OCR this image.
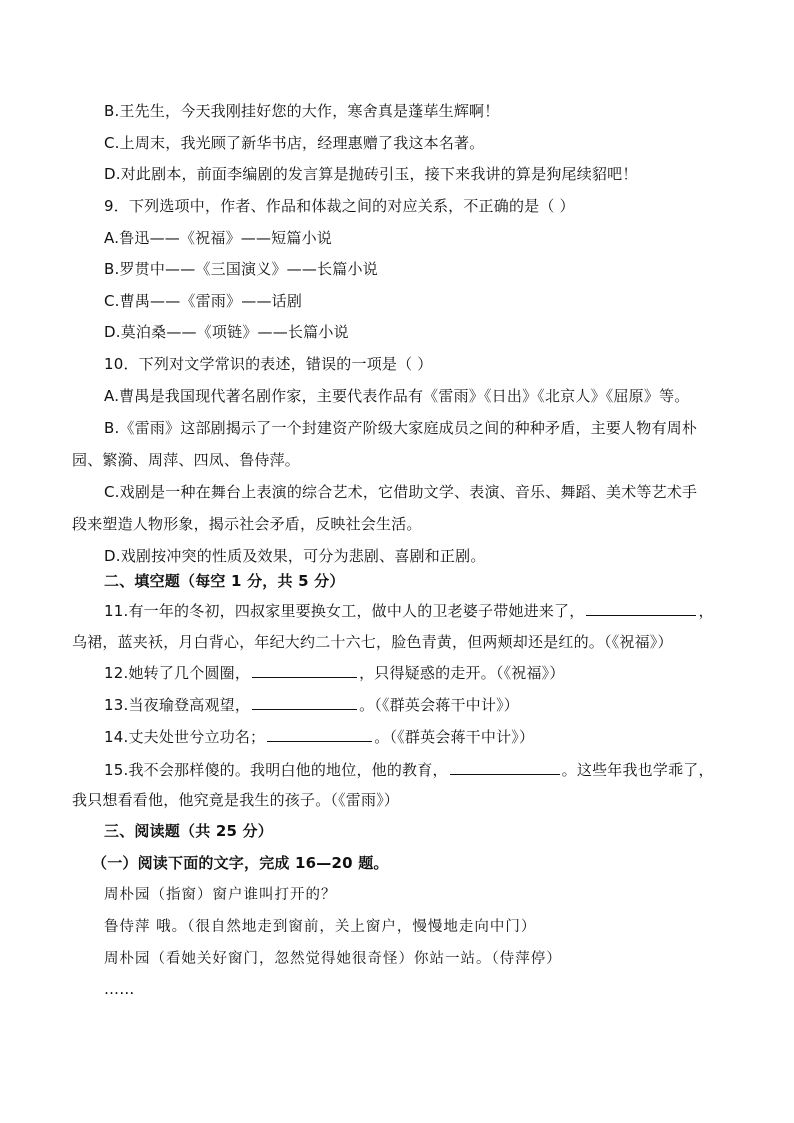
B.王先生，今天我刚挂好您的大作，寒舍真是蓬荜生辉啊！
C.上周末，我光顾了新华书店，经理惠赠了我这本名著。
D.对此剧本，前面李编剧的发言算是抛砖引玉，接下来我讲的算是狗尾续貂吧！
9．下列选项中，作者、作品和体裁之间的对应关系，不正确的是（ ）
A.鲁迅——《祝福》——短篇小说
B.罗贯中——《三国演义》——长篇小说
C.曹禺——《雷雨》——话剧
D.莫泊桑——《项链》——长篇小说
10．下列对文学常识的表述，错误的一项是（ ）
A.曹禺是我国现代著名剧作家，主要代表作品有《雷雨》《日出》《北京人》《屈原》等。
B.《雷雨》这部剧揭示了一个封建资产阶级大家庭成员之间的种种矛盾，主要人物有周朴
园、繁漪、周萍、四凤、鲁侍萍。
C.戏剧是一种在舞台上表演的综合艺术，它借助文学、表演、音乐、舞蹈、美术等艺术手
段来塑造人物形象，揭示社会矛盾，反映社会生活。
D.戏剧按冲突的性质及效果，可分为悲剧、喜剧和正剧。
二、填空题（每空 1 分，共 5 分）
11.有一年的冬初，四叔家里要换女工，做中人的卫老婆子带她进来了，	，
乌裙，蓝夹袄，月白背心，年纪大约二十六七，脸色青黄，但两颊却还是红的。（《祝福》）
12.她转了几个圆圈，	，只得疑惑的走开。（《祝福》）
13.当夜瑜登高观望，	。（《群英会蒋干中计》）
14.丈夫处世兮立功名；	。（《群英会蒋干中计》）
15.我不会那样傻的。我明白他的地位，他的教育，	。这些年我也学乖了，
我只想看看他，他究竟是我生的孩子。（《雷雨》）
三、阅读题（共 25 分）
（一）阅读下面的文字，完成 16—20 题。
周朴园（指窗）窗户谁叫打开的？
鲁侍萍 哦。（很自然地走到窗前，关上窗户，慢慢地走向中门）
周朴园（看她关好窗门，忽然觉得她很奇怪）你站一站。（侍萍停）
……
